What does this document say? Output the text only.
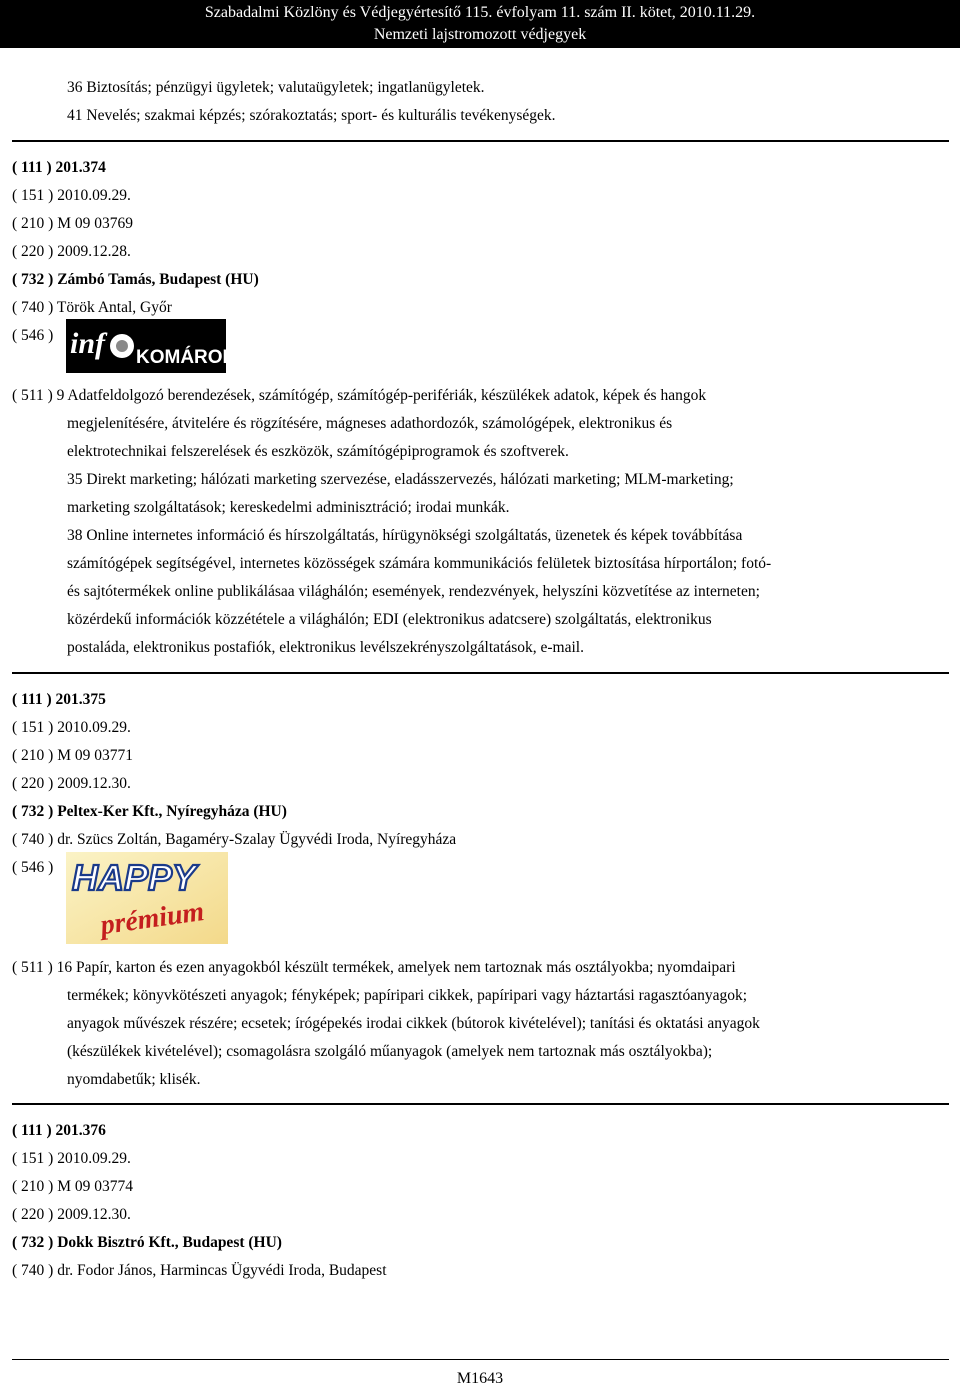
Szabadalmi Közlöny és Védjegyértesítő 115. évfolyam 11. szám II. kötet, 2010.11.29.
Nemzeti lajstromozott védjegyek
36 Biztosítás; pénzügyi ügyletek; valutaügyletek; ingatlanügyletek.
41 Nevelés; szakmai képzés; szórakoztatás; sport- és kulturális tevékenységek.
( 111 ) 201.374
( 151 ) 2010.09.29.
( 210 ) M 09 03769
( 220 ) 2009.12.28.
( 732 ) Zámbó Tamás, Budapest (HU)
( 740 ) Török Antal, Győr
( 546 ) inf KOMÁROM
( 511 ) 9 Adatfeldolgozó berendezések, számítógép, számítógép-perifériák, készülékek adatok, képek és hangok
megjelenítésére, átvitelére és rögzítésére, mágneses adathordozók, számológépek, elektronikus és
elektrotechnikai felszerelések és eszközök, számítógépiprogramok és szoftverek.
35 Direkt marketing; hálózati marketing szervezése, eladásszervezés, hálózati marketing; MLM-marketing;
marketing szolgáltatások; kereskedelmi adminisztráció; irodai munkák.
38 Online internetes információ és hírszolgáltatás, hírügynökségi szolgáltatás, üzenetek és képek továbbítása
számítógépek segítségével, internetes közösségek számára kommunikációs felületek biztosítása hírportálon; fotó-
és sajtótermékek online publikálásaa világhálón; események, rendezvények, helyszíni közvetítése az interneten;
közérdekű információk közzététele a világhálón; EDI (elektronikus adatcsere) szolgáltatás, elektronikus
postaláda, elektronikus postafiók, elektronikus levélszekrényszolgáltatások, e-mail.
( 111 ) 201.375
( 151 ) 2010.09.29.
( 210 ) M 09 03771
( 220 ) 2009.12.30.
( 732 ) Peltex-Ker Kft., Nyíregyháza (HU)
( 740 ) dr. Szücs Zoltán, Bagaméry-Szalay Ügyvédi Iroda, Nyíregyháza
( 546 ) HAPPY
prémium
( 511 ) 16 Papír, karton és ezen anyagokból készült termékek, amelyek nem tartoznak más osztályokba; nyomdaipari
termékek; könyvkötészeti anyagok; fényképek; papíripari cikkek, papíripari vagy háztartási ragasztóanyagok;
anyagok művészek részére; ecsetek; írógépekés irodai cikkek (bútorok kivételével); tanítási és oktatási anyagok
(készülékek kivételével); csomagolásra szolgáló műanyagok (amelyek nem tartoznak más osztályokba);
nyomdabetűk; klisék.
( 111 ) 201.376
( 151 ) 2010.09.29.
( 210 ) M 09 03774
( 220 ) 2009.12.30.
( 732 ) Dokk Bisztró Kft., Budapest (HU)
( 740 ) dr. Fodor János, Harmincas Ügyvédi Iroda, Budapest
M1643
